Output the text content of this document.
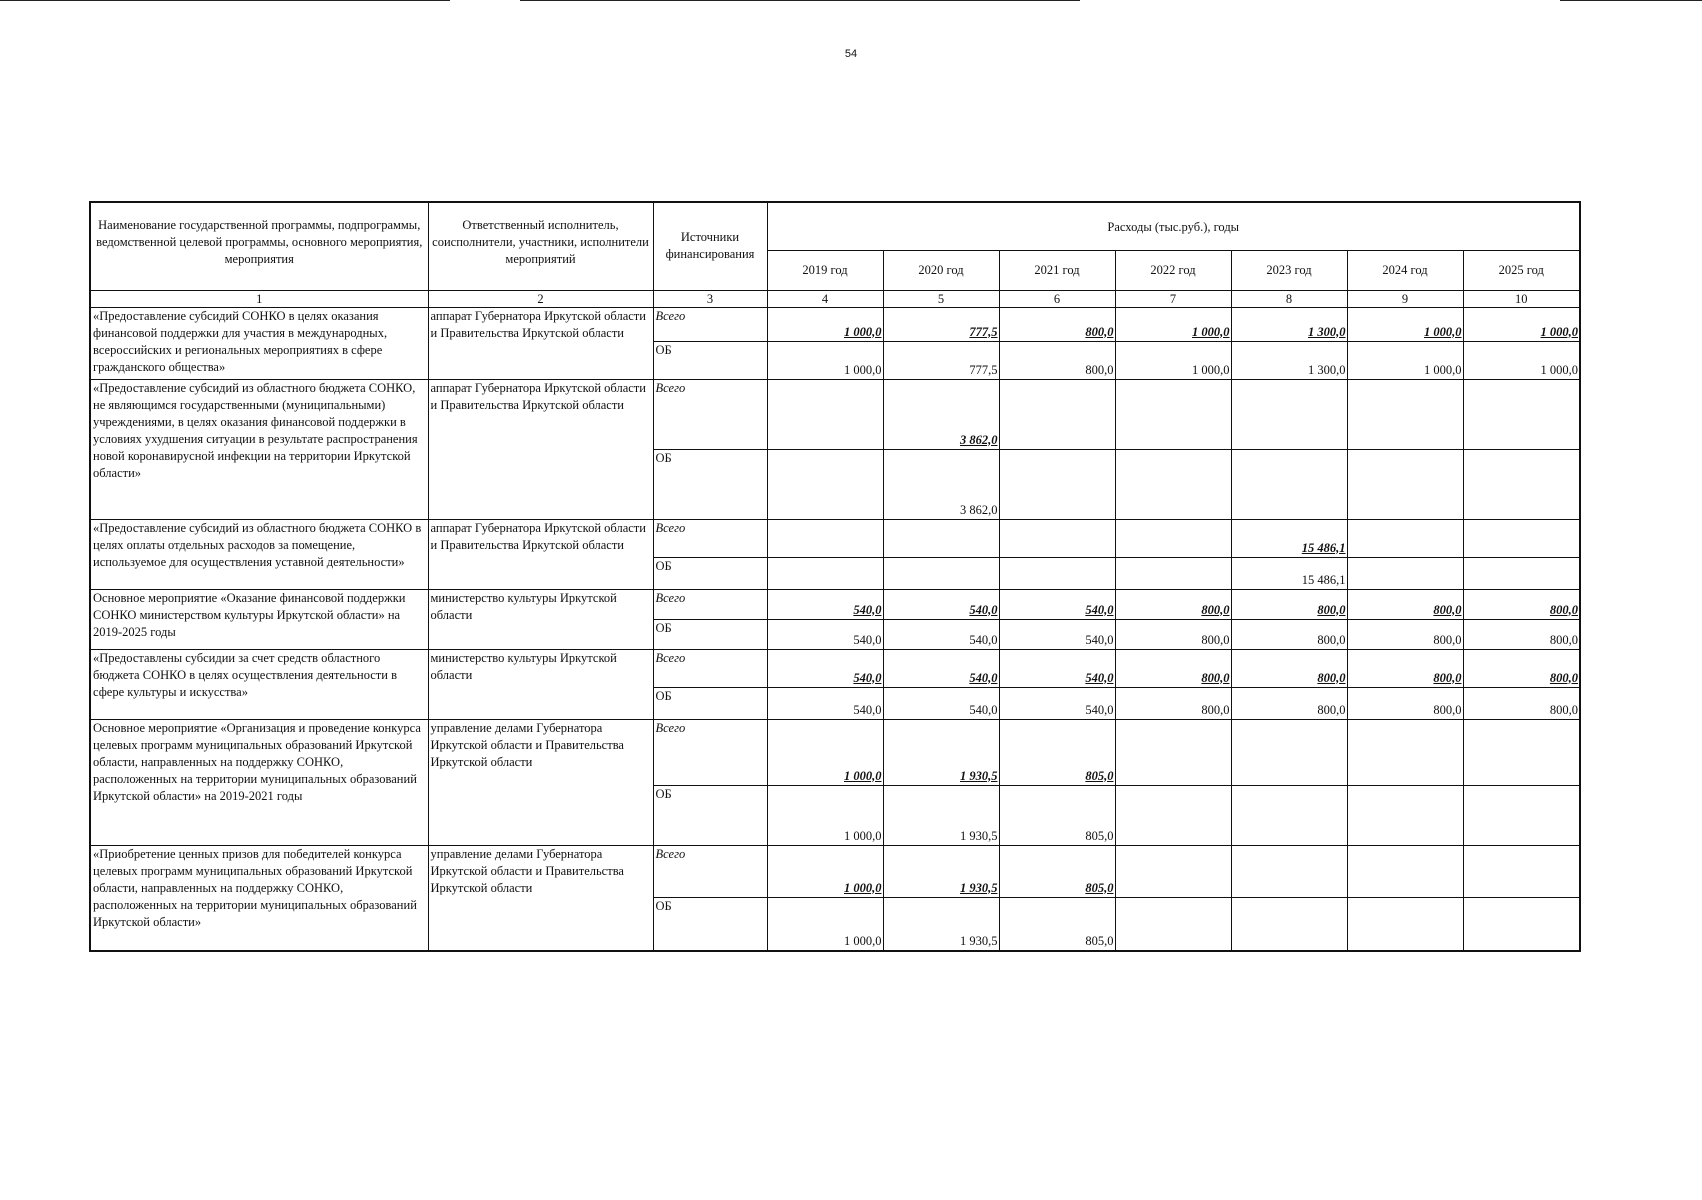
54
Наименование государственной программы, подпрограммы, ведомственной целевой программы, основного мероприятия, мероприятия	Ответственный исполнитель, соисполнители, участники, исполнители мероприятий	Источники финансирования	Расходы (тыс.руб.), годы						
			2019 год	2020 год	2021 год	2022 год	2023 год	2024 год	2025 год
1	2	3	4	5	6	7	8	9	10
«Предоставление субсидий СОНКО в целях оказания финансовой поддержки для участия в международных, всероссийских и региональных мероприятиях в сфере гражданского общества»	аппарат Губернатора Иркутской области и Правительства Иркутской области	Всего	1 000,0	777,5	800,0	1 000,0	1 300,0	1 000,0	1 000,0
		ОБ	1 000,0	777,5	800,0	1 000,0	1 300,0	1 000,0	1 000,0
«Предоставление субсидий из областного бюджета СОНКО, не являющимся государственными (муниципальными) учреждениями, в целях оказания финансовой поддержки в условиях ухудшения ситуации в результате распространения новой коронавирусной инфекции на территории Иркутской области»	аппарат Губернатора Иркутской области и Правительства Иркутской области	Всего		3 862,0					
		ОБ		3 862,0					
«Предоставление субсидий из областного бюджета СОНКО в целях оплаты отдельных расходов за помещение, используемое для осуществления уставной деятельности»	аппарат Губернатора Иркутской области и Правительства Иркутской области	Всего					15 486,1		
		ОБ					15 486,1		
Основное мероприятие «Оказание финансовой поддержки СОНКО министерством культуры Иркутской области» на 2019-2025 годы	министерство культуры Иркутской области	Всего	540,0	540,0	540,0	800,0	800,0	800,0	800,0
		ОБ	540,0	540,0	540,0	800,0	800,0	800,0	800,0
«Предоставлены субсидии за счет средств областного бюджета СОНКО в целях осуществления деятельности в сфере культуры и искусства»	министерство культуры Иркутской области	Всего	540,0	540,0	540,0	800,0	800,0	800,0	800,0
		ОБ	540,0	540,0	540,0	800,0	800,0	800,0	800,0
Основное мероприятие «Организация и проведение конкурса целевых программ муниципальных образований Иркутской области, направленных на поддержку СОНКО, расположенных на территории муниципальных образований Иркутской области» на 2019-2021 годы	управление делами Губернатора Иркутской области и Правительства Иркутской области	Всего	1 000,0	1 930,5	805,0				
		ОБ	1 000,0	1 930,5	805,0				
«Приобретение ценных призов для победителей конкурса целевых программ муниципальных образований Иркутской области, направленных на поддержку СОНКО, расположенных на территории муниципальных образований Иркутской области»	управление делами Губернатора Иркутской области и Правительства Иркутской области	Всего	1 000,0	1 930,5	805,0				
		ОБ	1 000,0	1 930,5	805,0				
